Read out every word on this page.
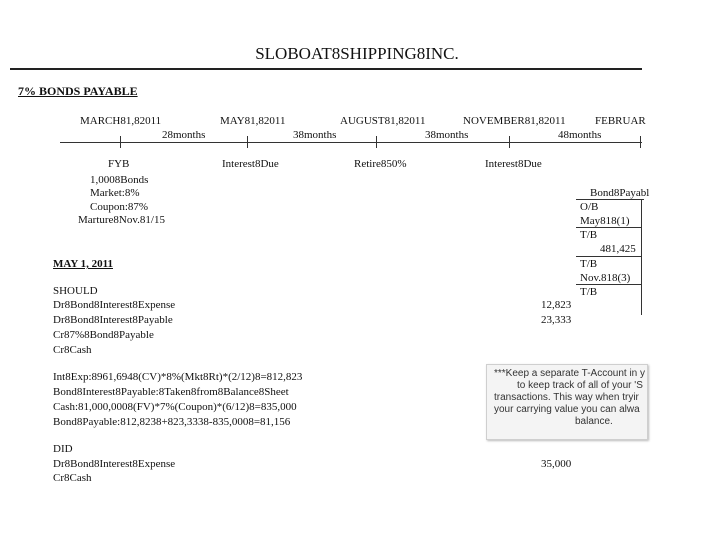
SLOBOAT8SHIPPING8INC.
7% BONDS PAYABLE
MARCH81,82011	MAY81,82011	AUGUST81,82011	NOVEMBER81,82011	FEBRUAR
28months	38months	38months	48months
FYB	Interest8Due	Retire850%	Interest8Due
1,0008Bonds
Market:8%
Coupon:87%
Marture8Nov.81/15
Bond8Payabl
O/B
May818(1)
T/B
481,425
T/B
Nov.818(3)
T/B
MAY 1, 2011
SHOULD
Dr8Bond8Interest8Expense	12,823
Dr8Bond8Interest8Payable	23,333
Cr87%8Bond8Payable
Cr8Cash
Int8Exp:8961,6948(CV)*8%(Mkt8Rt)*(2/12)8=812,823
Bond8Interest8Payable:8Taken8from8Balance8Sheet
Cash:81,000,0008(FV)*7%(Coupon)*(6/12)8=835,000
Bond8Payable:812,8238+823,3338-835,0008=81,156
DID
Dr8Bond8Interest8Expense	35,000
Cr8Cash
***Keep a separate T-Account in y
to keep track of all of your 'S
transactions. This way when tryir
your carrying value you can alwa
balance.
